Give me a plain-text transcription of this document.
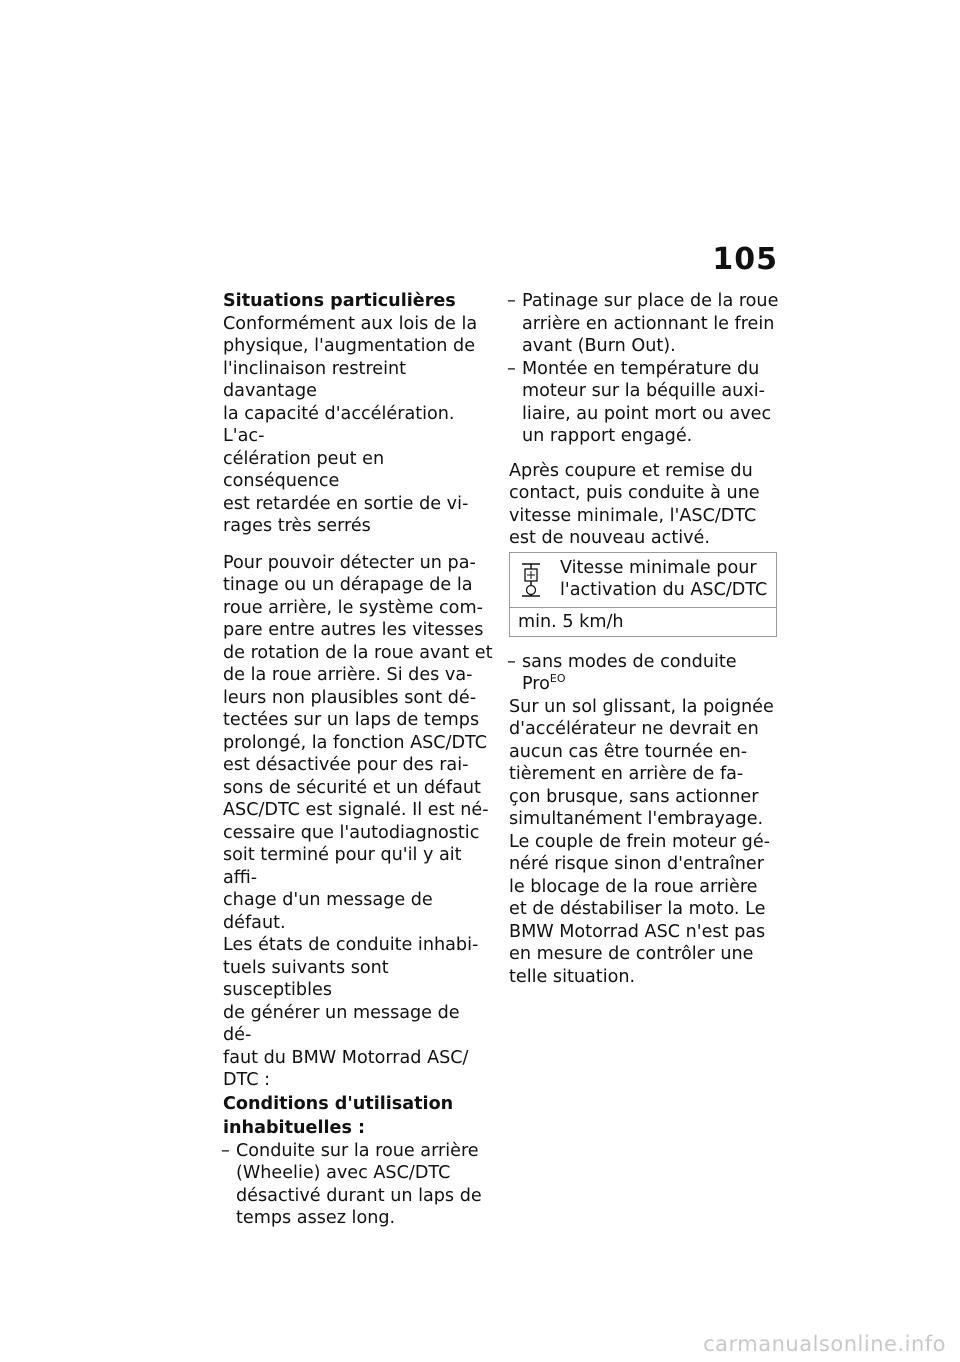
105
Situations particulières

Conformément aux lois de la
physique, l'augmentation de
l'inclinaison restreint davantage
la capacité d'accélération. L'ac-
célération peut en conséquence
est retardée en sortie de vi-
rages très serrés

Pour pouvoir détecter un pa-
tinage ou un dérapage de la
roue arrière, le système com-
pare entre autres les vitesses
de rotation de la roue avant et
de la roue arrière. Si des va-
leurs non plausibles sont dé-
tectées sur un laps de temps
prolongé, la fonction ASC/DTC
est désactivée pour des rai-
sons de sécurité et un défaut
ASC/DTC est signalé. Il est né-
cessaire que l'autodiagnostic
soit terminé pour qu'il y ait affi-
chage d'un message de défaut.
Les états de conduite inhabi-
tuels suivants sont susceptibles
de générer un message de dé-
faut du BMW Motorrad ASC/
DTC :

Conditions d'utilisation
inhabituelles :
– Conduite sur la roue arrière
(Wheelie) avec ASC/DTC
désactivé durant un laps de
temps assez long.
– Patinage sur place de la roue
arrière en actionnant le frein
avant (Burn Out).
– Montée en température du
moteur sur la béquille auxi-
liaire, au point mort ou avec
un rapport engagé.

Après coupure et remise du
contact, puis conduite à une
vitesse minimale, l'ASC/DTC
est de nouveau activé.

Vitesse minimale pour
l'activation du ASC/DTC
min. 5 km/h
– sans modes de conduite
Pro$^{EO}$

Sur un sol glissant, la poignée
d'accélérateur ne devrait en
aucun cas être tournée en-
tièrement en arrière de fa-
çon brusque, sans actionner
simultanément l'embrayage.
Le couple de frein moteur gé-
néré risque sinon d'entraîner
le blocage de la roue arrière
et de déstabiliser la moto. Le
BMW Motorrad ASC n'est pas
en mesure de contrôler une
telle situation.

carmanualsonline.info
